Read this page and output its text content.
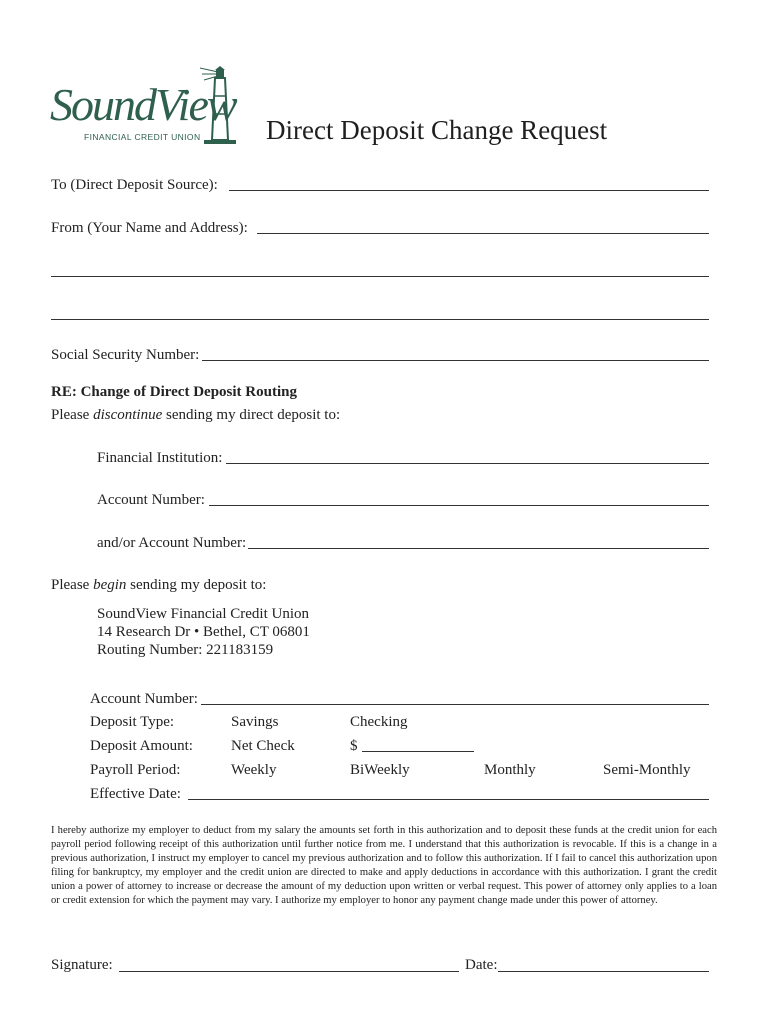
SoundView
FINANCIAL CREDIT UNION Direct Deposit Change Request
To (Direct Deposit Source):
From (Your Name and Address):
Social Security Number:
RE: Change of Direct Deposit Routing
Please discontinue sending my direct deposit to:
Financial Institution:
Account Number:
and/or Account Number:
Please begin sending my deposit to:
SoundView Financial Credit Union
14 Research Dr • Bethel, CT 06801
Routing Number: 221183159
Account Number:
Deposit Type:	Savings	Checking
Deposit Amount:	Net Check	$
Payroll Period:	Weekly	BiWeekly	Monthly	Semi-Monthly
Effective Date:
I hereby authorize my employer to deduct from my salary the amounts set forth in this authorization and to deposit these funds at the credit union for each payroll period following receipt of this authorization until further notice from me. I understand that this authorization is revocable. If this is a change in a previous authorization, I instruct my employer to cancel my previous authorization and to follow this authorization. If I fail to cancel this authorization upon filing for bankruptcy, my employer and the credit union are directed to make and apply deductions in accordance with this authorization. I grant the credit union a power of attorney to increase or decrease the amount of my deduction upon written or verbal request. This power of attorney only applies to a loan or credit extension for which the payment may vary. I authorize my employer to honor any payment change made under this power of attorney.
Signature:	Date:
